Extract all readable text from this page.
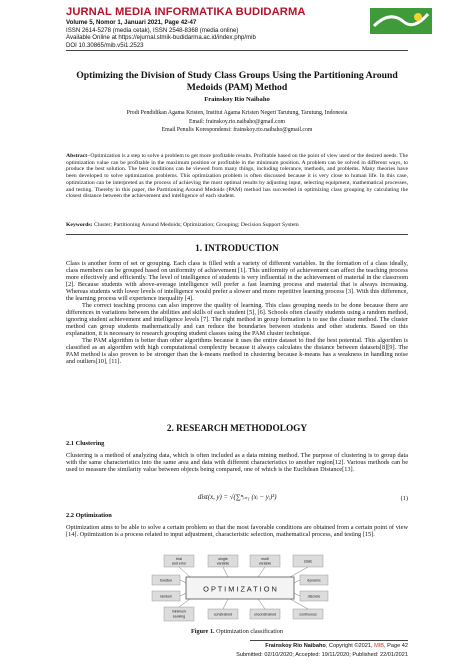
JURNAL MEDIA INFORMATIKA BUDIDARMA
Volume 5, Nomor 1, Januari 2021, Page 42-47
ISSN 2614-5278 (media cetak), ISSN 2548-8368 (media online)
Available Online at https://ejurnal.stmik-budidarma.ac.id/index.php/mib
DOI 10.30865/mib.v5i1.2523
Optimizing the Division of Study Class Groups Using the Partitioning Around Medoids (PAM) Method
Frainskoy Rio Naibaho
Prodi Pendidikan Agama Kristen, Institut Agama Kristen Negeri Tarutung, Tarutung, Indonesia
Email: frainskoy.rio.naibaho@gmail.com
Email Penulis Korespondensi: frainskoy.rio.naibaho@gmail.com
Abstract−Optimization is a step to solve a problem to get more profitable results. Profitable based on the point of view used or the desired needs. The optimization value can be profitable in the maximum position or profitable in the minimum position. A problem can be solved in different ways, to produce the best solution. The best conditions can be viewed from many things, including tolerance, methods, and problems. Many theories have been developed to solve optimization problems. This optimization problem is often discussed because it is very close to human life. In this case, optimization can be interpreted as the process of achieving the most optimal results by adjusting input, selecting equipment, mathematical processes, and testing. Thereby in this paper, the Partitioning Around Medoids (PAM) method has succeeded in optimizing class grouping by calculating the closest distance between the achievement and intelligence of each student.
Keywords: Cluster; Partitioning Around Medoids; Optimization; Grouping; Decision Support System
1. INTRODUCTION

Class is another form of set or grouping. Each class is filled with a variety of different variables. In the formation of a class ideally, class members can be grouped based on uniformity of achievement [1]. This uniformity of achievement can affect the teaching process more effectively and efficiently. The level of intelligence of students is very influential in the achievement of material in the classroom [2]. Because students with above-average intelligence will prefer a fast learning process and material that is always increasing. Whereas students with lower levels of intelligence would prefer a slower and more repetitive learning process [3]. With this difference, the learning process will experience inequality [4].

The correct teaching process can also improve the quality of learning. This class grouping needs to be done because there are differences in variations between the abilities and skills of each student [5], [6]. Schools often classify students using a random method, ignoring student achievement and intelligence levels [7]. The right method in group formation is to use the cluster method. The cluster method can group students mathematically and can reduce the boundaries between students and other students. Based on this explanation, it is necessary to research grouping student classes using the PAM cluster technique.

The PAM algorithm is better than other algorithms because it uses the entire dataset to find the best potential. This algorithm is classified as an algorithm with high computational complexity because it always calculates the distance between datasets[8][9]. The PAM method is also proven to be stronger than the k-means method in clustering because k-means has a weakness in handling noise and outliers[10], [11].

2. RESEARCH METHODOLOGY
2.1 Clustering

Clustering is a method of analyzing data, which is often included as a data mining method. The purpose of clustering is to group data with the same characteristics into the same area and data with different characteristics to another region[12]. Various methods can be used to measure the similarity value between objects being compared, one of which is the Euclidean Distance[13].

dist(x, y) = √(∑ⁿᵢ₌₁ (xᵢ − yᵢ)²)	(1)
2.2 Optimization

Optimization aims to be able to solve a certain problem so that the most favorable conditions are obtained from a certain point of view [14]. Optimization is a process related to input adjustment, characteristic selection, mathematical process, and testing [15].

O P T I M I Z A T I O N
trial
and error
single
variable
multi
variable
static
function
random
dynamic
discrete
minimum
seeking
constrained	unconstrained	continuous
Figure 1. Optimization classification
Frainskoy Rio Naibaho, Copyright ©2021, MIB, Page 42
Submitted: 02/10/2020; Accepted: 19/11/2020; Published: 22/01/2021
